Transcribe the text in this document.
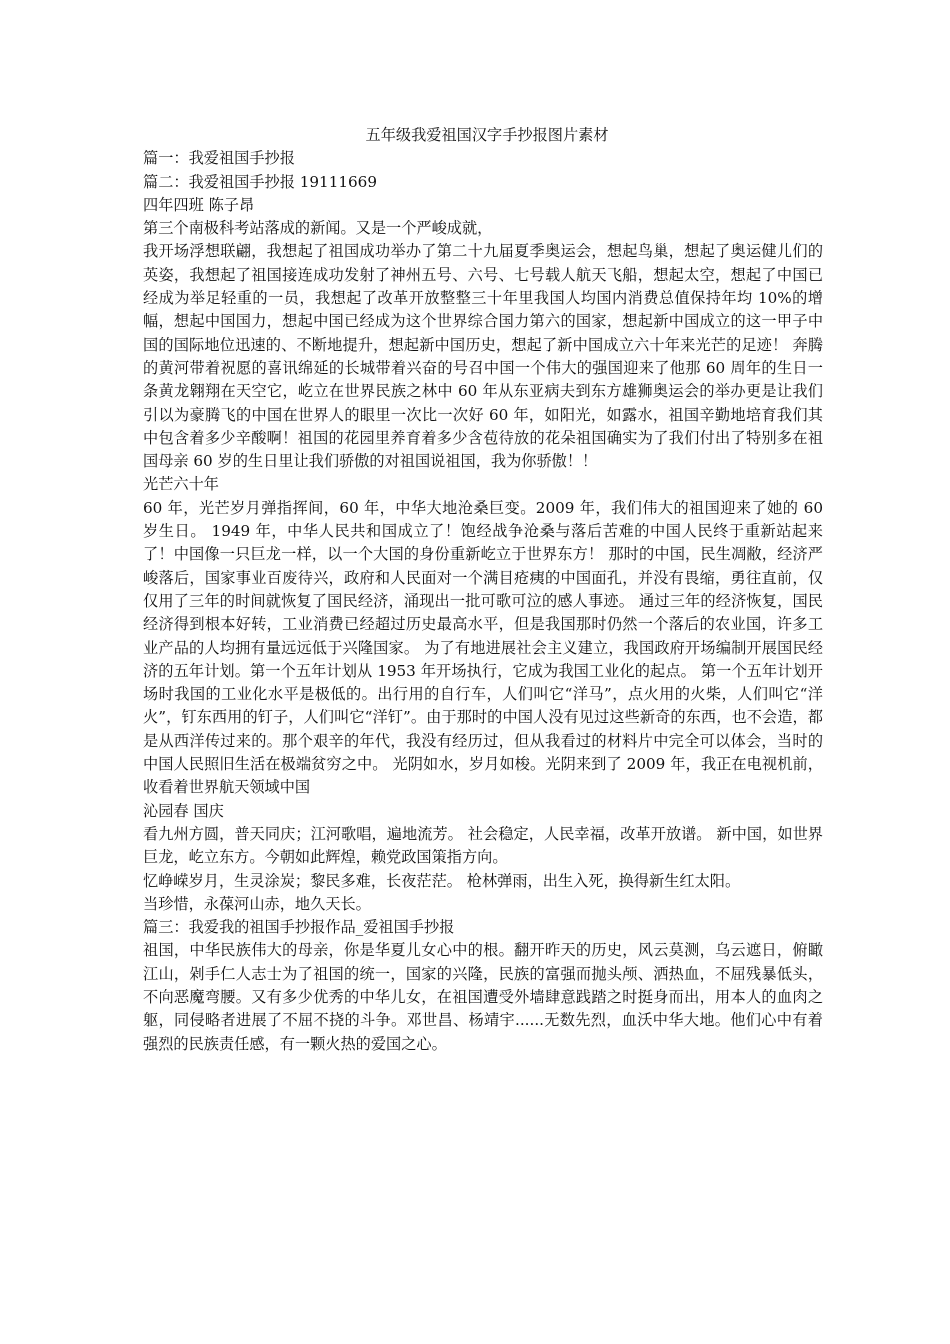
五年级我爱祖国汉字手抄报图片素材

篇一：我爱祖国手抄报

篇二：我爱祖国手抄报 19111669

四年四班 陈子昂

第三个南极科考站落成的新闻。又是一个严峻成就，

我开场浮想联翩，我想起了祖国成功举办了第二十九届夏季奥运会，想起鸟巢，想起了奥运健儿们的英姿，我想起了祖国接连成功发射了神州五号、六号、七号载人航天飞船，想起太空，想起了中国已经成为举足轻重的一员，我想起了改革开放整整三十年里我国人均国内消费总值保持年均 10%的增幅，想起中国国力，想起中国已经成为这个世界综合国力第六的国家，想起新中国成立的这一甲子中国的国际地位迅速的、不断地提升，想起新中国历史，想起了新中国成立六十年来光芒的足迹！ 奔腾的黄河带着祝愿的喜讯绵延的长城带着兴奋的号召中国一个伟大的强国迎来了他那 60 周年的生日一条黄龙翱翔在天空它，屹立在世界民族之林中 60 年从东亚病夫到东方雄狮奥运会的举办更是让我们引以为豪腾飞的中国在世界人的眼里一次比一次好 60 年，如阳光，如露水，祖国辛勤地培育我们其中包含着多少辛酸啊！祖国的花园里养育着多少含苞待放的花朵祖国确实为了我们付出了特别多在祖国母亲 60 岁的生日里让我们骄傲的对祖国说祖国，我为你骄傲！！

光芒六十年

60 年，光芒岁月弹指挥间，60 年，中华大地沧桑巨变。2009 年，我们伟大的祖国迎来了她的 60 岁生日。 1949 年，中华人民共和国成立了！饱经战争沧桑与落后苦难的中国人民终于重新站起来了！中国像一只巨龙一样，以一个大国的身份重新屹立于世界东方！ 那时的中国，民生凋敝，经济严峻落后，国家事业百废待兴，政府和人民面对一个满目疮痍的中国面孔，并没有畏缩，勇往直前，仅仅用了三年的时间就恢复了国民经济，涌现出一批可歌可泣的感人事迹。 通过三年的经济恢复，国民经济得到根本好转，工业消费已经超过历史最高水平，但是我国那时仍然一个落后的农业国，许多工业产品的人均拥有量远远低于兴隆国家。 为了有地进展社会主义建立，我国政府开场编制开展国民经济的五年计划。第一个五年计划从 1953 年开场执行，它成为我国工业化的起点。 第一个五年计划开场时我国的工业化水平是极低的。出行用的自行车，人们叫它“洋马”，点火用的火柴，人们叫它“洋火”，钉东西用的钉子，人们叫它“洋钉”。由于那时的中国人没有见过这些新奇的东西，也不会造，都是从西洋传过来的。那个艰辛的年代，我没有经历过，但从我看过的材料片中完全可以体会，当时的中国人民照旧生活在极端贫穷之中。 光阴如水，岁月如梭。光阴来到了 2009 年，我正在电视机前，收看着世界航天领域中国

沁园春 国庆

看九州方圆，普天同庆；江河歌唱，遍地流芳。 社会稳定，人民幸福，改革开放谱。 新中国，如世界巨龙，屹立东方。今朝如此辉煌，赖党政国策指方向。

忆峥嵘岁月，生灵涂炭；黎民多难，长夜茫茫。 枪林弹雨，出生入死，换得新生红太阳。

当珍惜，永葆河山赤，地久天长。

篇三：我爱我的祖国手抄报作品_爱祖国手抄报

祖国，中华民族伟大的母亲，你是华夏儿女心中的根。翻开昨天的历史，风云莫测，乌云遮日，俯瞰江山，剁手仁人志士为了祖国的统一，国家的兴隆，民族的富强而抛头颅、洒热血，不屈残暴低头，不向恶魔弯腰。又有多少优秀的中华儿女，在祖国遭受外墙肆意践踏之时挺身而出，用本人的血肉之躯，同侵略者进展了不屈不挠的斗争。邓世昌、杨靖宇......无数先烈，血沃中华大地。他们心中有着强烈的民族责任感，有一颗火热的爱国之心。
